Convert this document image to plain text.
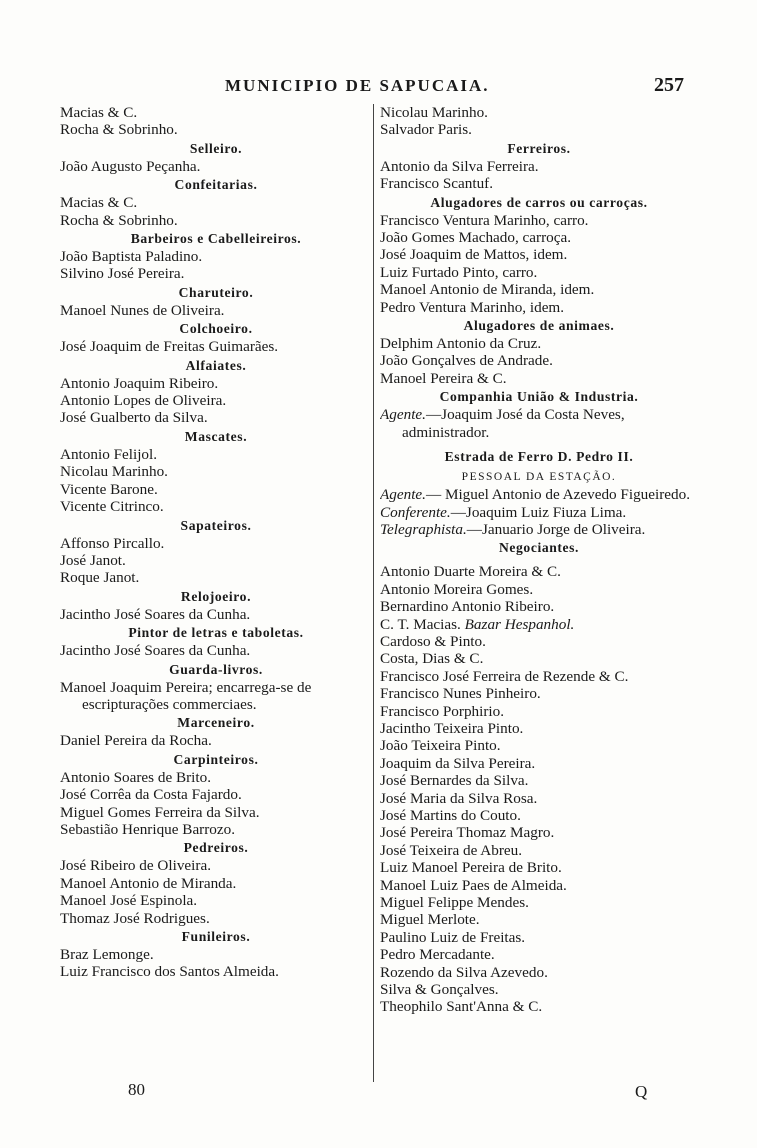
MUNICIPIO DE SAPUCAIA.	257
Macias & C.
Rocha & Sobrinho.
Selleiro.
João Augusto Peçanha.
Confeitarias.
Macias & C.
Rocha & Sobrinho.
Barbeiros e Cabelleireiros.
João Baptista Paladino.
Silvino José Pereira.
Charuteiro.
Manoel Nunes de Oliveira.
Colchoeiro.
José Joaquim de Freitas Guimarães.
Alfaiates.
Antonio Joaquim Ribeiro.
Antonio Lopes de Oliveira.
José Gualberto da Silva.
Mascates.
Antonio Felijol.
Nicolau Marinho.
Vicente Barone.
Vicente Citrinco.
Sapateiros.
Affonso Pircallo.
José Janot.
Roque Janot.
Relojoeiro.
Jacintho José Soares da Cunha.
Pintor de letras e taboletas.
Jacintho José Soares da Cunha.
Guarda-livros.
Manoel Joaquim Pereira; encarrega-se de escripturações commerciaes.
Marceneiro.
Daniel Pereira da Rocha.
Carpinteiros.
Antonio Soares de Brito.
José Corrêa da Costa Fajardo.
Miguel Gomes Ferreira da Silva.
Sebastião Henrique Barrozo.
Pedreiros.
José Ribeiro de Oliveira.
Manoel Antonio de Miranda.
Manoel José Espinola.
Thomaz José Rodrigues.
Funileiros.
Braz Lemonge.
Luiz Francisco dos Santos Almeida.
Nicolau Marinho.
Salvador Paris.
Ferreiros.
Antonio da Silva Ferreira.
Francisco Scantuf.
Alugadores de carros ou carroças.
Francisco Ventura Marinho, carro.
João Gomes Machado, carroça.
José Joaquim de Mattos, idem.
Luiz Furtado Pinto, carro.
Manoel Antonio de Miranda, idem.
Pedro Ventura Marinho, idem.
Alugadores de animaes.
Delphim Antonio da Cruz.
João Gonçalves de Andrade.
Manoel Pereira & C.
Companhia União & Industria.
Agente.—Joaquim José da Costa Neves, administrador.
Estrada de Ferro D. Pedro II.
PESSOAL DA ESTAÇÃO.
Agente.— Miguel Antonio de Azevedo Figueiredo.
Conferente.—Joaquim Luiz Fiuza Lima.
Telegraphista.—Januario Jorge de Oliveira.
Negociantes.
Antonio Duarte Moreira & C.
Antonio Moreira Gomes.
Bernardino Antonio Ribeiro.
C. T. Macias. Bazar Hespanhol.
Cardoso & Pinto.
Costa, Dias & C.
Francisco José Ferreira de Rezende & C.
Francisco Nunes Pinheiro.
Francisco Porphirio.
Jacintho Teixeira Pinto.
João Teixeira Pinto.
Joaquim da Silva Pereira.
José Bernardes da Silva.
José Maria da Silva Rosa.
José Martins do Couto.
José Pereira Thomaz Magro.
José Teixeira de Abreu.
Luiz Manoel Pereira de Brito.
Manoel Luiz Paes de Almeida.
Miguel Felippe Mendes.
Miguel Merlote.
Paulino Luiz de Freitas.
Pedro Mercadante.
Rozendo da Silva Azevedo.
Silva & Gonçalves.
Theophilo Sant'Anna & C.
80	Q
